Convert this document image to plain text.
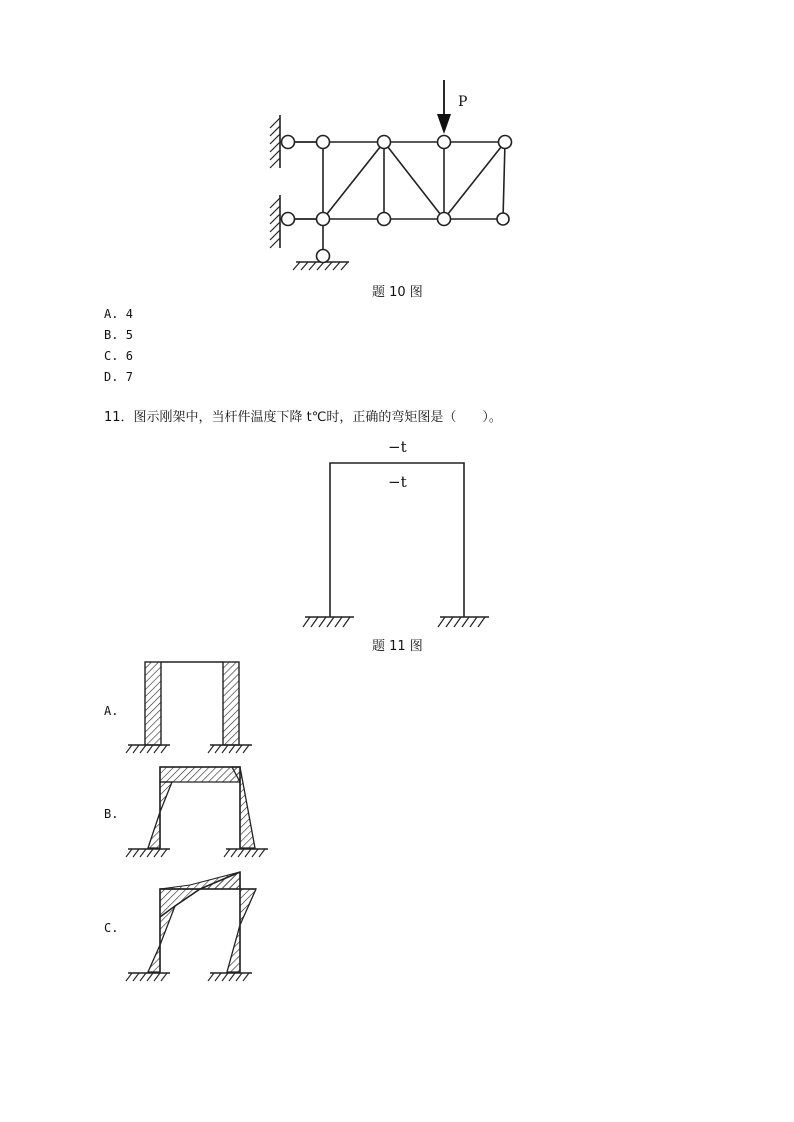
P
题 10 图
A. 4
B. 5
C. 6
D. 7
11．图示刚架中，当杆件温度下降 t℃时，正确的弯矩图是（　　）。
−t
−t
题 11 图
A.
B.
C.
